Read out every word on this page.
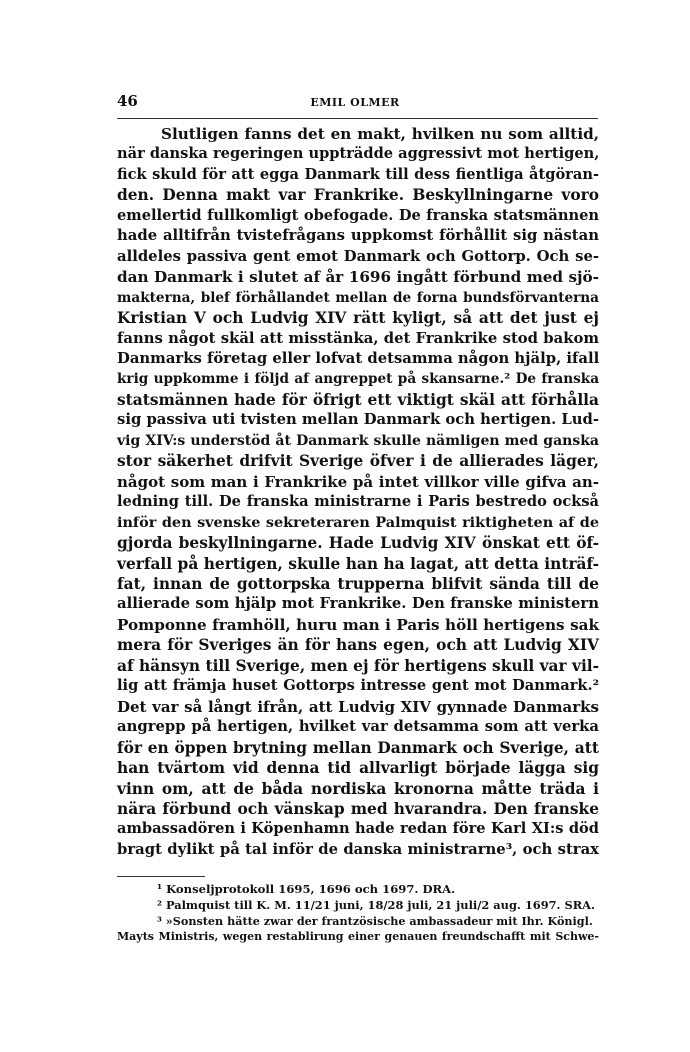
46	EMIL OLMER
Slutligen fanns det en makt, hvilken nu som alltid,
när danska regeringen uppträdde aggressivt mot hertigen,
fick skuld för att egga Danmark till dess fientliga åtgöran-
den. Denna makt var Frankrike. Beskyllningarne voro
emellertid fullkomligt obefogade. De franska statsmännen
hade alltifrån tvistefrågans uppkomst förhållit sig nästan
alldeles passiva gent emot Danmark och Gottorp. Och se-
dan Danmark i slutet af år 1696 ingått förbund med sjö-
makterna, blef förhållandet mellan de forna bundsförvanterna
Kristian V och Ludvig XIV rätt kyligt, så att det just ej
fanns något skäl att misstänka, det Frankrike stod bakom
Danmarks företag eller lofvat detsamma någon hjälp, ifall
krig uppkomme i följd af angreppet på skansarne.² De franska
statsmännen hade för öfrigt ett viktigt skäl att förhålla
sig passiva uti tvisten mellan Danmark och hertigen. Lud-
vig XIV:s understöd åt Danmark skulle nämligen med ganska
stor säkerhet drifvit Sverige öfver i de allierades läger,
något som man i Frankrike på intet villkor ville gifva an-
ledning till. De franska ministrarne i Paris bestredo också
inför den svenske sekreteraren Palmquist riktigheten af de
gjorda beskyllningarne. Hade Ludvig XIV önskat ett öf-
verfall på hertigen, skulle han ha lagat, att detta inträf-
fat, innan de gottorpska trupperna blifvit sända till de
allierade som hjälp mot Frankrike. Den franske ministern
Pomponne framhöll, huru man i Paris höll hertigens sak
mera för Sveriges än för hans egen, och att Ludvig XIV
af hänsyn till Sverige, men ej för hertigens skull var vil-
lig att främja huset Gottorps intresse gent mot Danmark.²
Det var så långt ifrån, att Ludvig XIV gynnade Danmarks
angrepp på hertigen, hvilket var detsamma som att verka
för en öppen brytning mellan Danmark och Sverige, att
han tvärtom vid denna tid allvarligt började lägga sig
vinn om, att de båda nordiska kronorna måtte träda i
nära förbund och vänskap med hvarandra. Den franske
ambassadören i Köpenhamn hade redan före Karl XI:s död
bragt dylikt på tal inför de danska ministrarne³, och strax
¹ Konseljprotokoll 1695, 1696 och 1697. DRA.
² Palmquist till K. M. 11/21 juni, 18/28 juli, 21 juli/2 aug. 1697. SRA.
³ »Sonsten hätte zwar der frantzösische ambassadeur mit Ihr. Königl.
Mayts Ministris, wegen restablirung einer genauen freundschafft mit Schwe-
